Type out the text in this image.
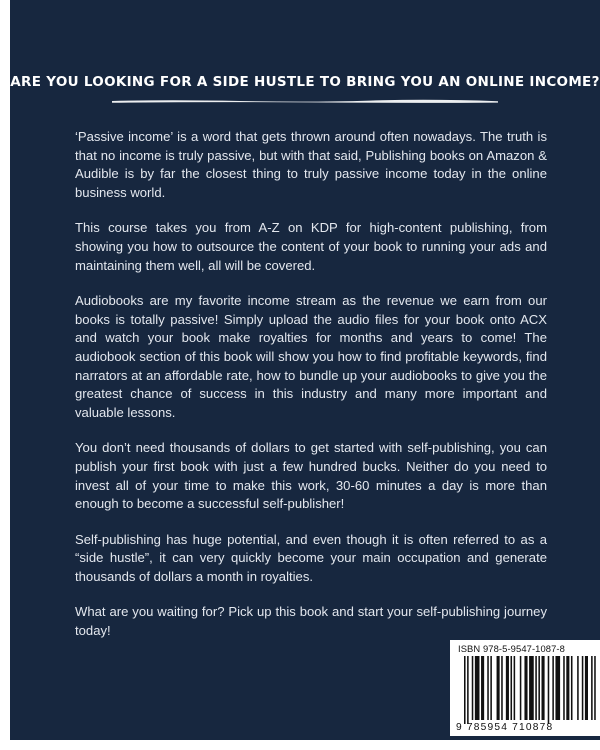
ARE YOU LOOKING FOR A SIDE HUSTLE TO BRING YOU AN ONLINE INCOME?

‘Passive income’ is a word that gets thrown around often nowadays. The truth is that no income is truly passive, but with that said, Publishing books on Amazon & Audible is by far the closest thing to truly passive income today in the online business world.

This course takes you from A-Z on KDP for high-content publishing, from showing you how to outsource the content of your book to running your ads and maintaining them well, all will be covered.

Audiobooks are my favorite income stream as the revenue we earn from our books is totally passive! Simply upload the audio files for your book onto ACX and watch your book make royalties for months and years to come! The audiobook section of this book will show you how to find profitable keywords, find narrators at an affordable rate, how to bundle up your audiobooks to give you the greatest chance of success in this industry and many more important and valuable lessons.

You don’t need thousands of dollars to get started with self-publishing, you can publish your first book with just a few hundred bucks. Neither do you need to invest all of your time to make this work, 30-60 minutes a day is more than enough to become a successful self-publisher!

Self-publishing has huge potential, and even though it is often referred to as a “side hustle”, it can very quickly become your main occupation and generate thousands of dollars a month in royalties.

What are you waiting for? Pick up this book and start your self-publishing journey today!

ISBN 978-5-9547-1087-8
9 785954 710878
